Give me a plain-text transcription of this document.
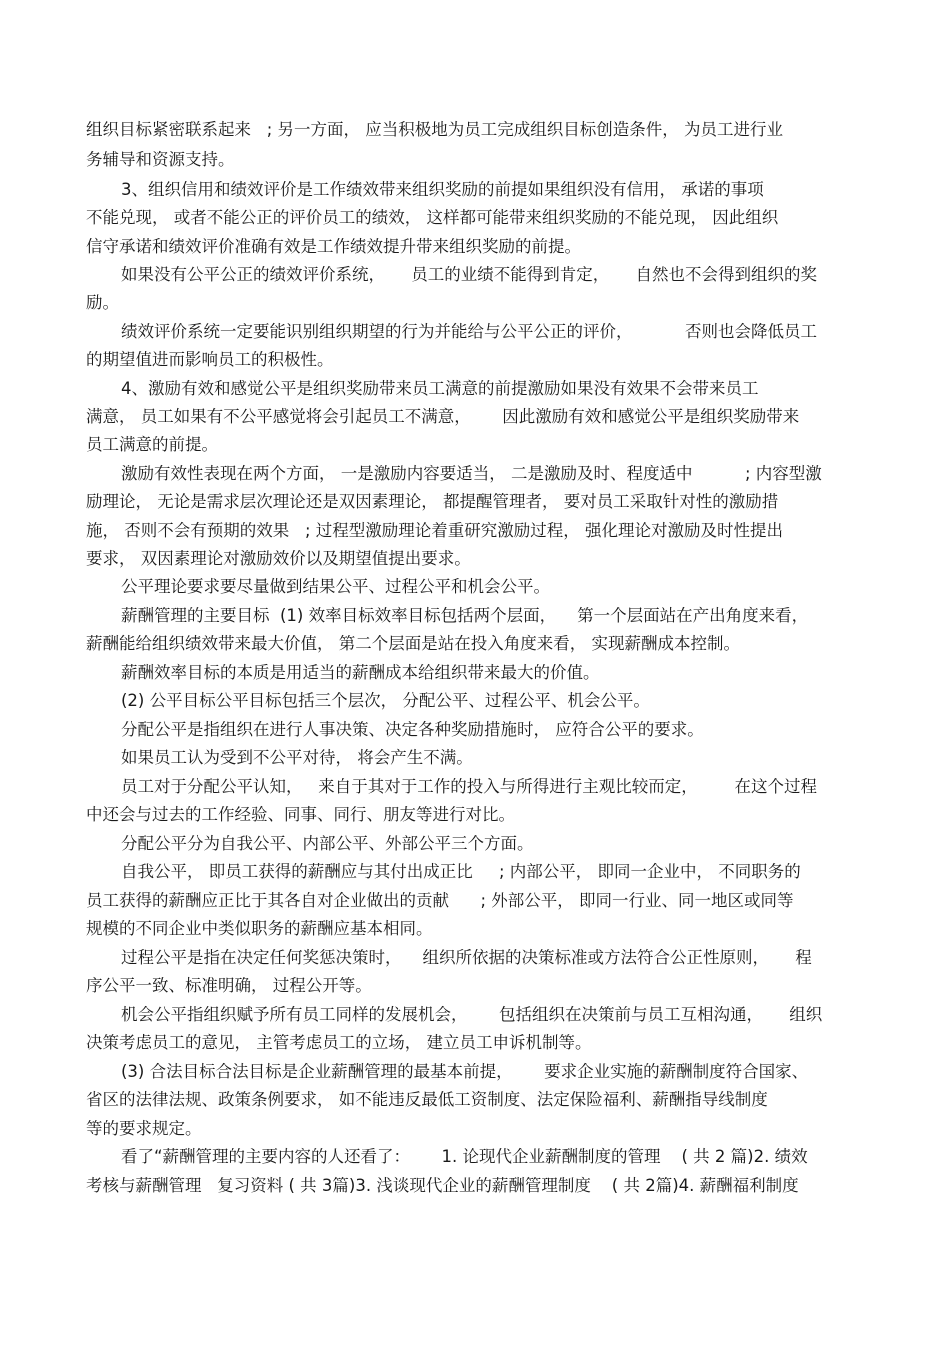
组织目标紧密联系起来   ; 另一方面， 应当积极地为员工完成组织目标创造条件， 为员工进行业
务辅导和资源支持。
3、组织信用和绩效评价是工作绩效带来组织奖励的前提如果组织没有信用， 承诺的事项
不能兑现， 或者不能公正的评价员工的绩效， 这样都可能带来组织奖励的不能兑现， 因此组织
信守承诺和绩效评价准确有效是工作绩效提升带来组织奖励的前提。
如果没有公平公正的绩效评价系统，     员工的业绩不能得到肯定，     自然也不会得到组织的奖
励。
绩效评价系统一定要能识别组织期望的行为并能给与公平公正的评价，          否则也会降低员工
的期望值进而影响员工的积极性。
4、激励有效和感觉公平是组织奖励带来员工满意的前提激励如果没有效果不会带来员工
满意， 员工如果有不公平感觉将会引起员工不满意，      因此激励有效和感觉公平是组织奖励带来
员工满意的前提。
激励有效性表现在两个方面， 一是激励内容要适当， 二是激励及时、程度适中          ; 内容型激
励理论， 无论是需求层次理论还是双因素理论， 都提醒管理者， 要对员工采取针对性的激励措
施， 否则不会有预期的效果   ; 过程型激励理论着重研究激励过程， 强化理论对激励及时性提出
要求， 双因素理论对激励效价以及期望值提出要求。
公平理论要求要尽量做到结果公平、过程公平和机会公平。
薪酬管理的主要目标  (1) 效率目标效率目标包括两个层面，    第一个层面站在产出角度来看，
薪酬能给组织绩效带来最大价值， 第二个层面是站在投入角度来看， 实现薪酬成本控制。
薪酬效率目标的本质是用适当的薪酬成本给组织带来最大的价值。
(2) 公平目标公平目标包括三个层次， 分配公平、过程公平、机会公平。
分配公平是指组织在进行人事决策、决定各种奖励措施时， 应符合公平的要求。
如果员工认为受到不公平对待， 将会产生不满。
员工对于分配公平认知，   来自于其对于工作的投入与所得进行主观比较而定，       在这个过程
中还会与过去的工作经验、同事、同行、朋友等进行对比。
分配公平分为自我公平、内部公平、外部公平三个方面。
自我公平， 即员工获得的薪酬应与其付出成正比     ; 内部公平， 即同一企业中， 不同职务的
员工获得的薪酬应正比于其各自对企业做出的贡献      ; 外部公平， 即同一行业、同一地区或同等
规模的不同企业中类似职务的薪酬应基本相同。
过程公平是指在决定任何奖惩决策时，    组织所依据的决策标准或方法符合公正性原则，     程
序公平一致、标准明确， 过程公开等。
机会公平指组织赋予所有员工同样的发展机会，      包括组织在决策前与员工互相沟通，     组织
决策考虑员工的意见， 主管考虑员工的立场， 建立员工申诉机制等。
(3) 合法目标合法目标是企业薪酬管理的最基本前提，      要求企业实施的薪酬制度符合国家、
省区的法律法规、政策条例要求， 如不能违反最低工资制度、法定保险福利、薪酬指导线制度
等的要求规定。
看了“薪酬管理的主要内容的人还看了：      1. 论现代企业薪酬制度的管理    ( 共 2 篇)2. 绩效
考核与薪酬管理   复习资料 ( 共 3篇)3. 浅谈现代企业的薪酬管理制度    ( 共 2篇)4. 薪酬福利制度
